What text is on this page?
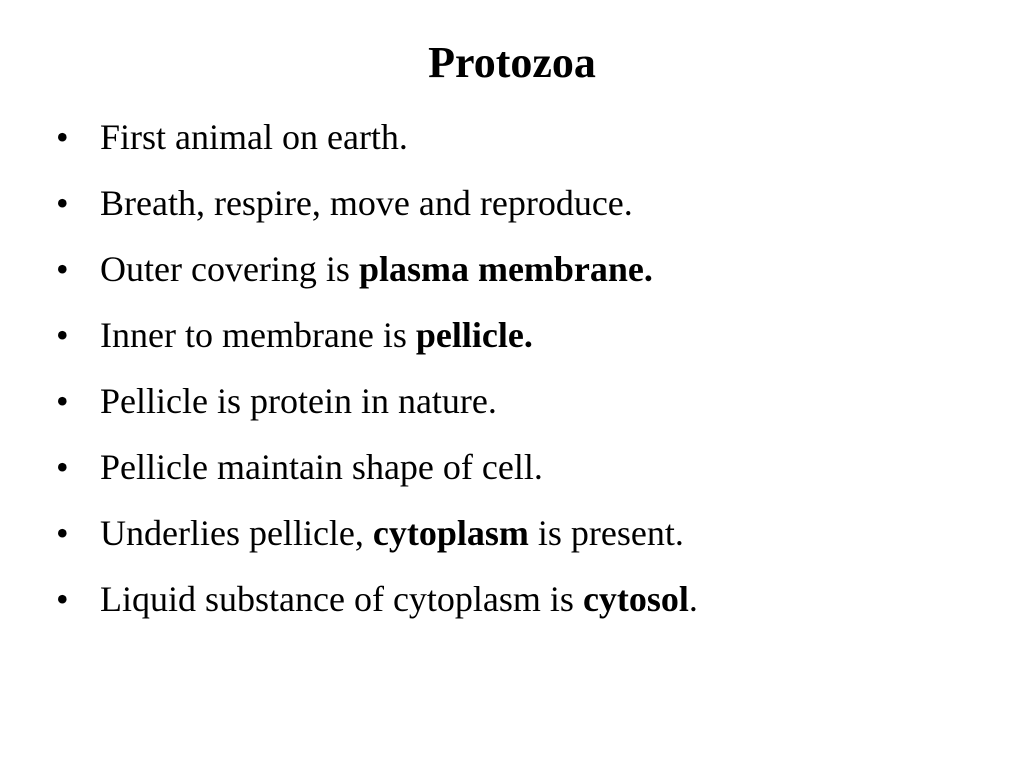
Protozoa
• First animal on earth.
• Breath, respire, move and reproduce.
• Outer covering is plasma membrane.
• Inner to membrane is pellicle.
• Pellicle is protein in nature.
• Pellicle maintain shape of cell.
• Underlies pellicle, cytoplasm is present.
• Liquid substance of cytoplasm is cytosol.
